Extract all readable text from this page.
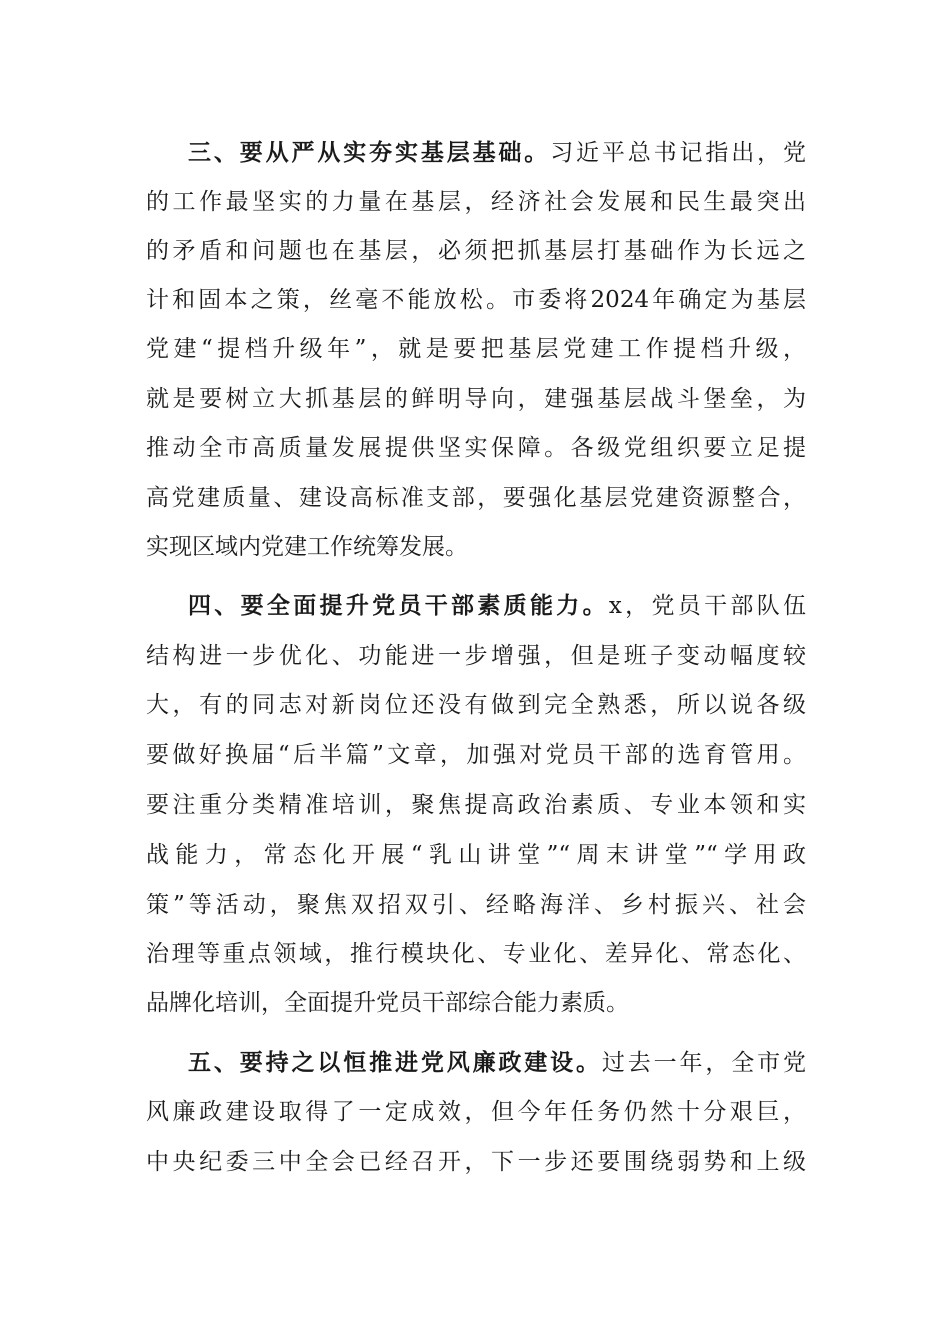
三、要从严从实夯实基层基础。习近平总书记指出，党
的工作最坚实的力量在基层，经济社会发展和民生最突出
的矛盾和问题也在基层，必须把抓基层打基础作为长远之
计和固本之策，丝毫不能放松。市委将2024年确定为基层
党建“提档升级年”，就是要把基层党建工作提档升级，
就是要树立大抓基层的鲜明导向，建强基层战斗堡垒，为
推动全市高质量发展提供坚实保障。各级党组织要立足提
高党建质量、建设高标准支部，要强化基层党建资源整合，
实现区域内党建工作统筹发展。
四、要全面提升党员干部素质能力。x，党员干部队伍
结构进一步优化、功能进一步增强，但是班子变动幅度较
大，有的同志对新岗位还没有做到完全熟悉，所以说各级
要做好换届“后半篇”文章，加强对党员干部的选育管用。
要注重分类精准培训，聚焦提高政治素质、专业本领和实
战能力，常态化开展“乳山讲堂”“周末讲堂”“学用政
策”等活动，聚焦双招双引、经略海洋、乡村振兴、社会
治理等重点领域，推行模块化、专业化、差异化、常态化、
品牌化培训，全面提升党员干部综合能力素质。
五、要持之以恒推进党风廉政建设。过去一年，全市党
风廉政建设取得了一定成效，但今年任务仍然十分艰巨，
中央纪委三中全会已经召开，下一步还要围绕弱势和上级
